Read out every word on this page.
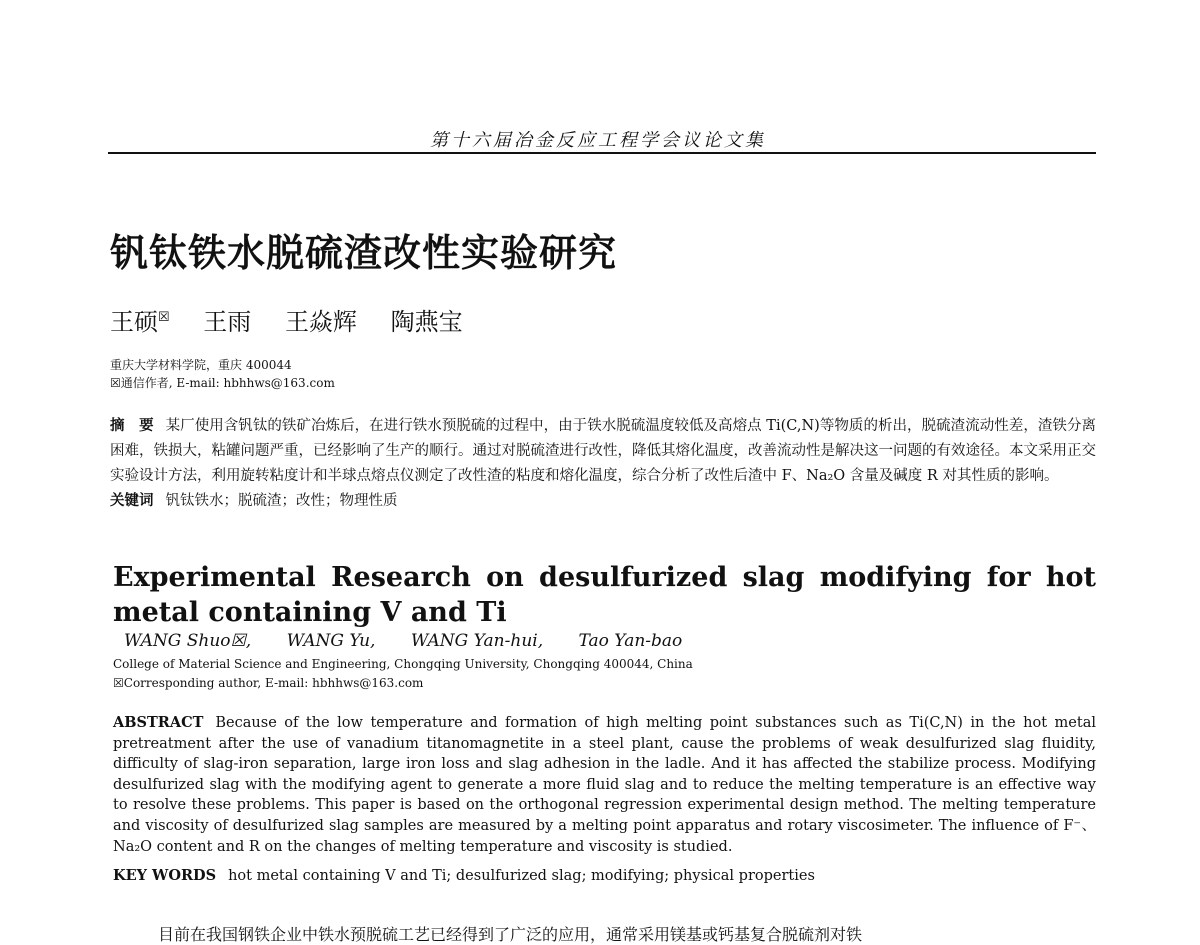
第十六届冶金反应工程学会议论文集
钒钛铁水脱硫渣改性实验研究
王硕☒ 王雨 王焱辉 陶燕宝
重庆大学材料学院，重庆 400044
☒通信作者, E-mail: hbhhws@163.com
摘　要 某厂使用含钒钛的铁矿冶炼后，在进行铁水预脱硫的过程中，由于铁水脱硫温度较低及高熔点 Ti(C,N)等物质的析出，脱硫渣流动性差，渣铁分离困难，铁损大，粘罐问题严重，已经影响了生产的顺行。通过对脱硫渣进行改性，降低其熔化温度，改善流动性是解决这一问题的有效途径。本文采用正交实验设计方法，利用旋转粘度计和半球点熔点仪测定了改性渣的粘度和熔化温度，综合分析了改性后渣中 F、Na₂O 含量及碱度 R 对其性质的影响。
关键词 钒钛铁水；脱硫渣；改性；物理性质
Experimental Research on desulfurized slag modifying for hot metal containing V and Ti
WANG Shuo☒, WANG Yu, WANG Yan-hui, Tao Yan-bao
College of Material Science and Engineering, Chongqing University, Chongqing 400044, China
☒Corresponding author, E-mail: hbhhws@163.com
ABSTRACT Because of the low temperature and formation of high melting point substances such as Ti(C,N) in the hot metal pretreatment after the use of vanadium titanomagnetite in a steel plant, cause the problems of weak desulfurized slag fluidity, difficulty of slag-iron separation, large iron loss and slag adhesion in the ladle. And it has affected the stabilize process. Modifying desulfurized slag with the modifying agent to generate a more fluid slag and to reduce the melting temperature is an effective way to resolve these problems. This paper is based on the orthogonal regression experimental design method. The melting temperature and viscosity of desulfurized slag samples are measured by a melting point apparatus and rotary viscosimeter. The influence of F⁻、Na₂O content and R on the changes of melting temperature and viscosity is studied.
KEY WORDS hot metal containing V and Ti; desulfurized slag; modifying; physical properties
目前在我国钢铁企业中铁水预脱硫工艺已经得到了广泛的应用，通常采用镁基或钙基复合脱硫剂对铁
